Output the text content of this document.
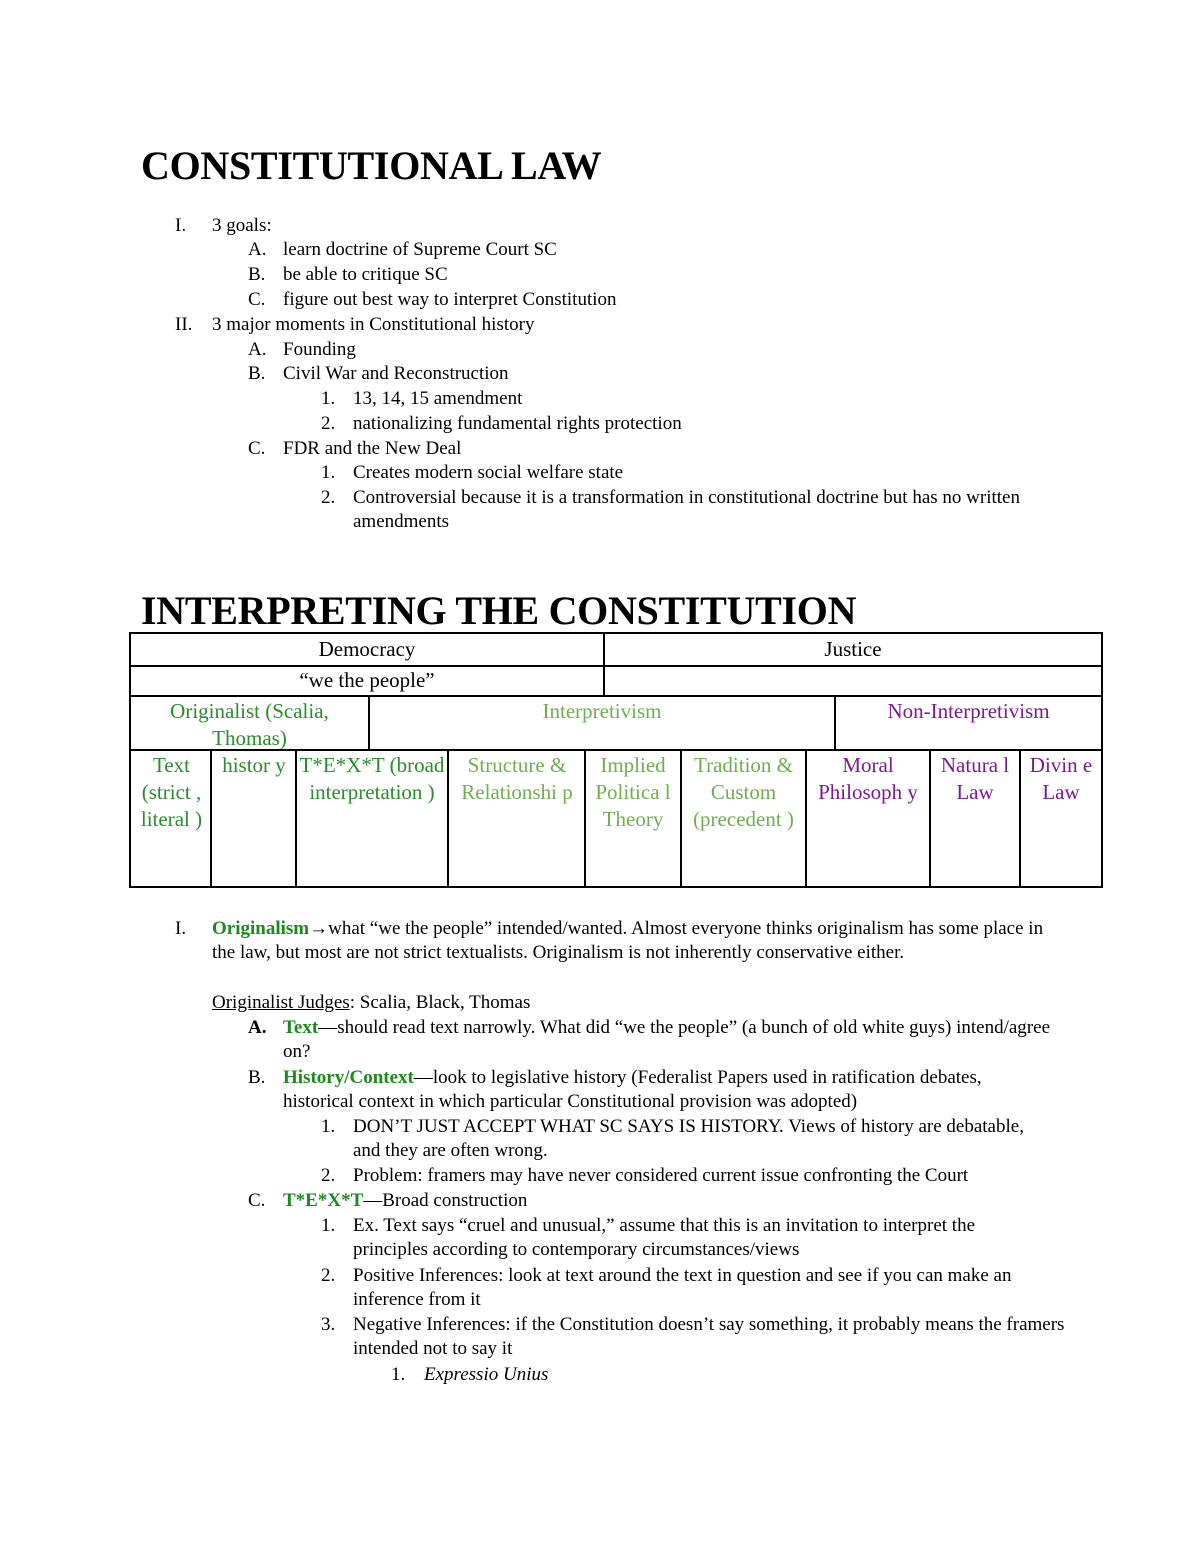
CONSTITUTIONAL LAW
I. 3 goals:
A. learn doctrine of Supreme Court SC
B. be able to critique SC
C. figure out best way to interpret Constitution
II. 3 major moments in Constitutional history
A. Founding
B. Civil War and Reconstruction
1. 13, 14, 15 amendment
2. nationalizing fundamental rights protection
C. FDR and the New Deal
1. Creates modern social welfare state
2. Controversial because it is a transformation in constitutional doctrine but has no written amendments
INTERPRETING THE CONSTITUTION
Democracy	Justice
“we the people”
Originalist (Scalia, Thomas)
Interpretivism	Non-Interpretivism
Text (strict , literal )
histor y T*E*X*T (broad interpretation )
Structure & Relationshi p
Implied Politica l Theory
Tradition & Custom (precedent )
Moral Philosoph y
Natura l Law
Divin e Law
I. Originalism→what “we the people” intended/wanted. Almost everyone thinks originalism has some place in the law, but most are not strict textualists. Originalism is not inherently conservative either.
Originalist Judges: Scalia, Black, Thomas
A. Text—should read text narrowly. What did “we the people” (a bunch of old white guys) intend/agree on?
B. History/Context—look to legislative history (Federalist Papers used in ratification debates, historical context in which particular Constitutional provision was adopted)
1. DON’T JUST ACCEPT WHAT SC SAYS IS HISTORY. Views of history are debatable, and they are often wrong.
2. Problem: framers may have never considered current issue confronting the Court
C. T*E*X*T—Broad construction
1. Ex. Text says “cruel and unusual,” assume that this is an invitation to interpret the principles according to contemporary circumstances/views
2. Positive Inferences: look at text around the text in question and see if you can make an inference from it
3. Negative Inferences: if the Constitution doesn’t say something, it probably means the framers intended not to say it
1. Expressio Unius
